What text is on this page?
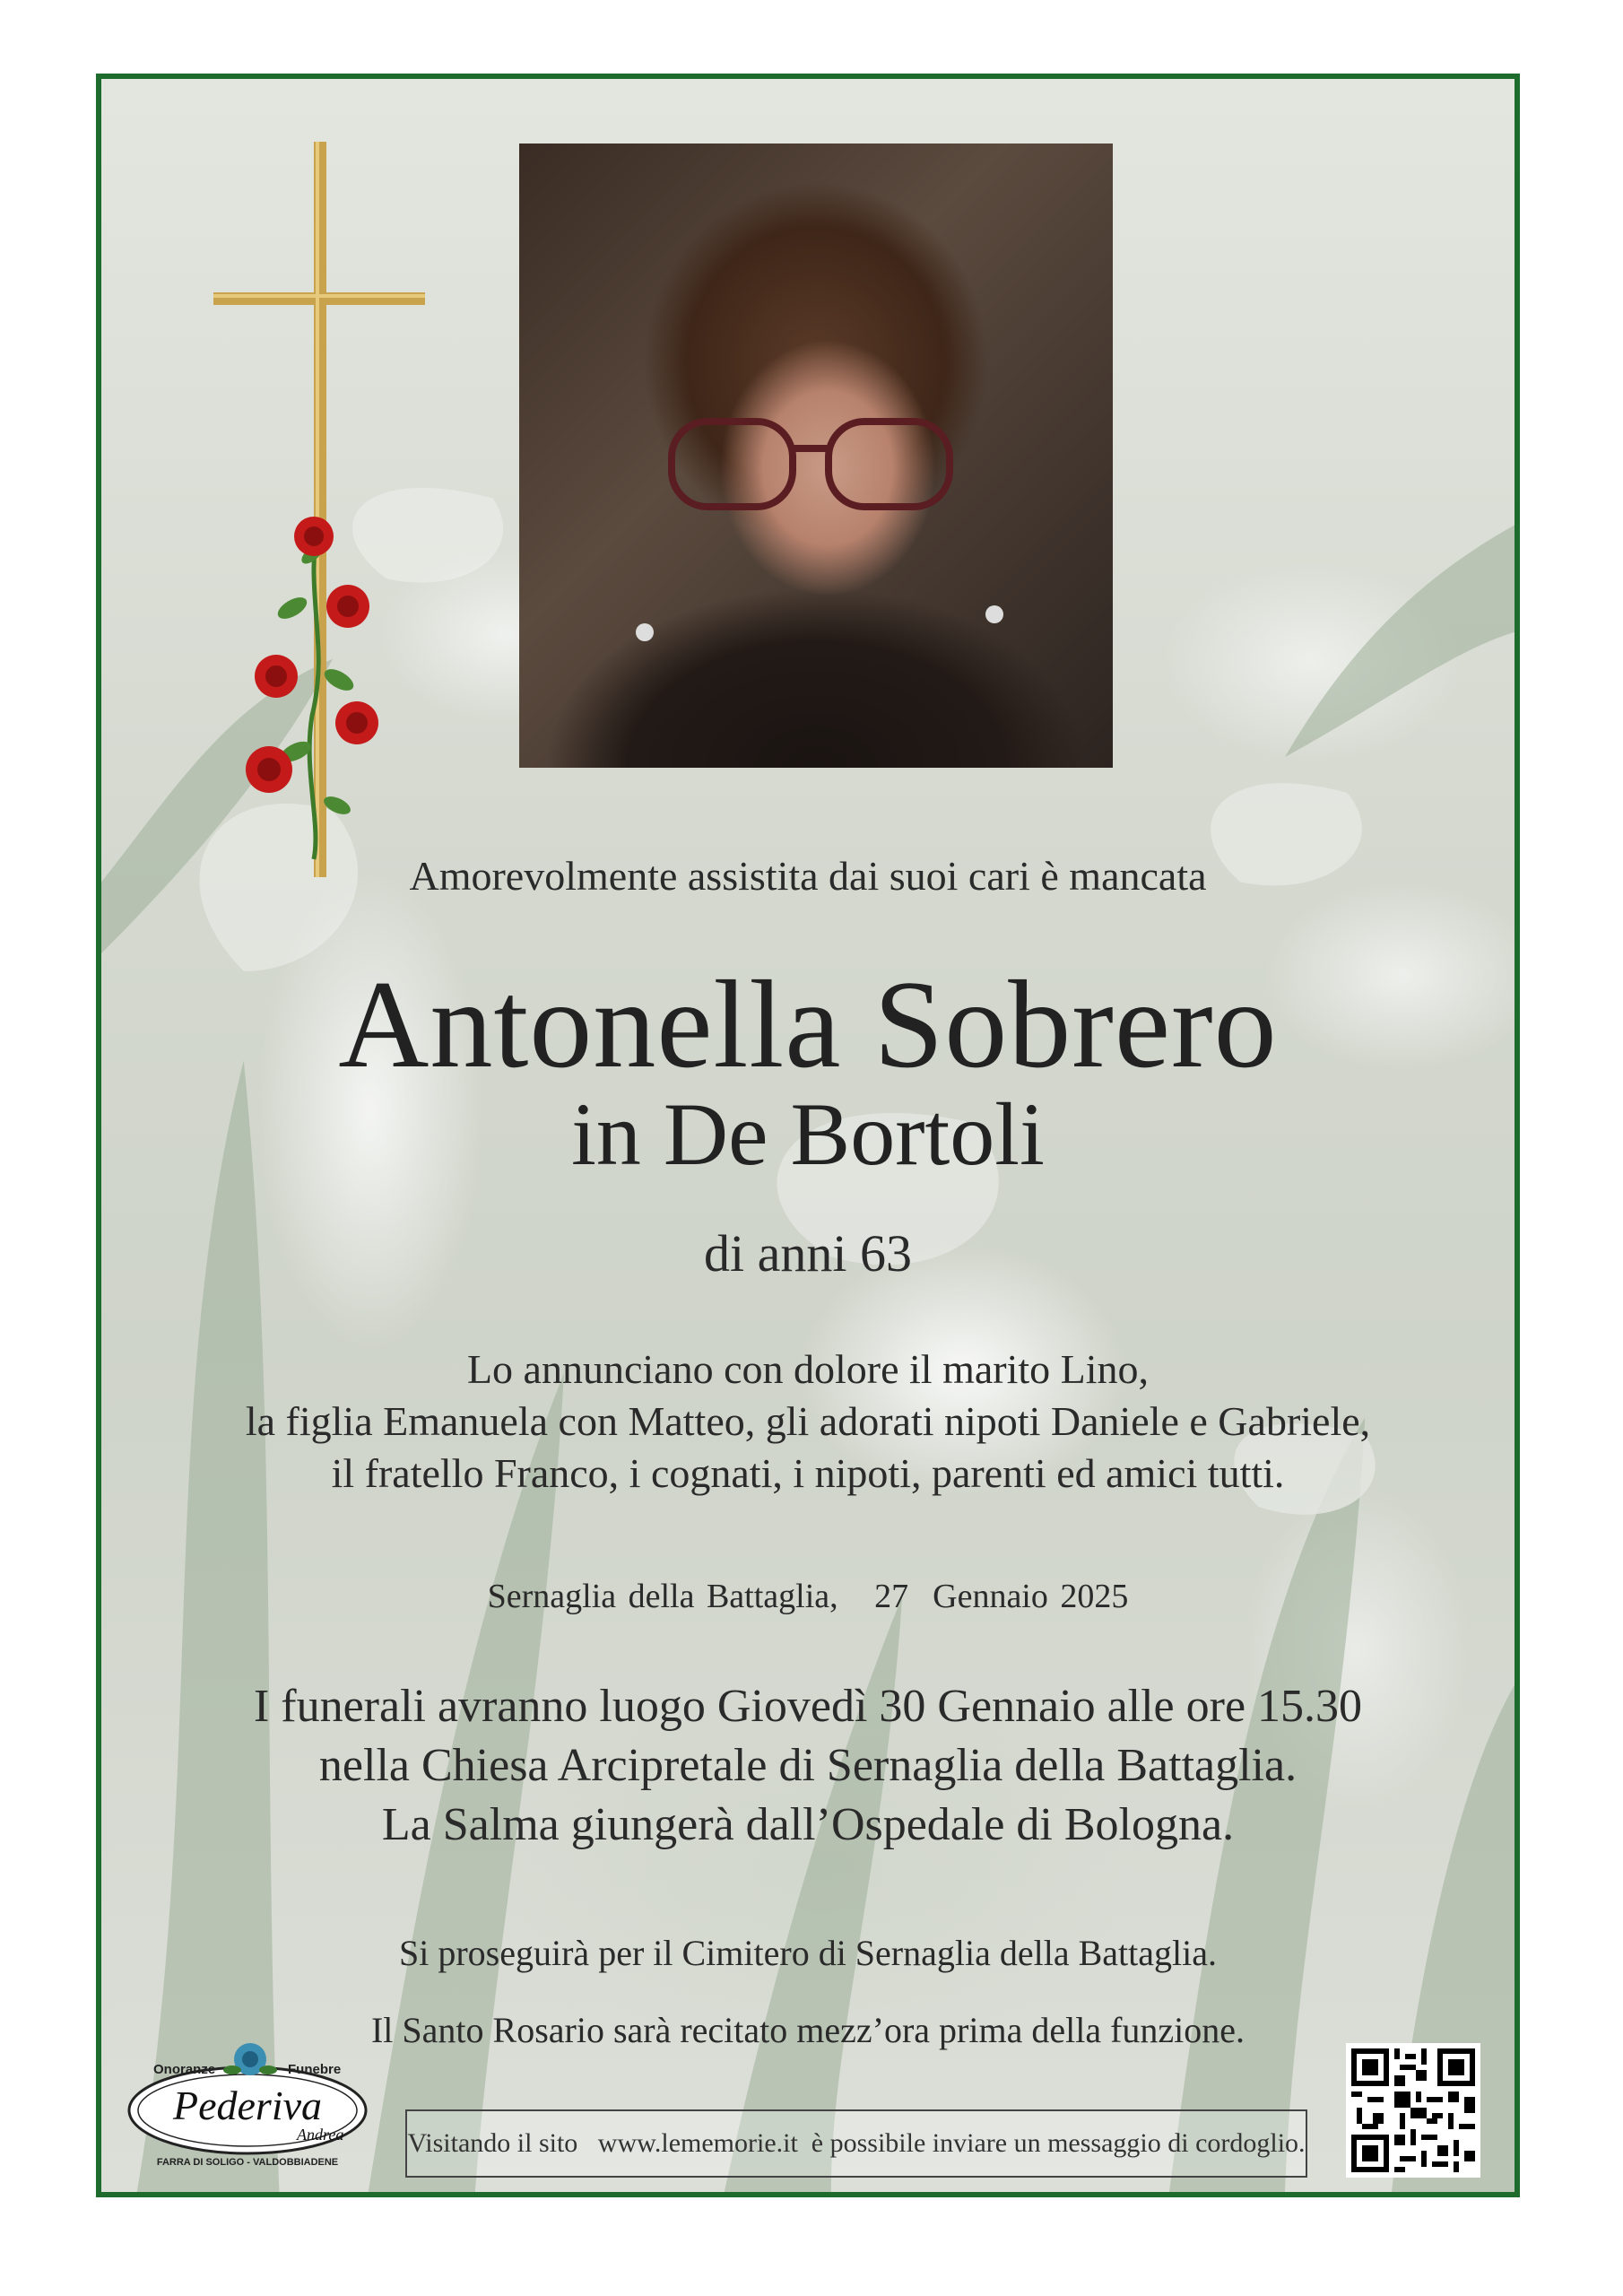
Amorevolmente assistita dai suoi cari è mancata
Antonella Sobrero
in De Bortoli
di anni 63
Lo annunciano con dolore il marito Lino,
la figlia Emanuela con Matteo, gli adorati nipoti Daniele e Gabriele,
il fratello Franco, i cognati, i nipoti, parenti ed amici tutti.
Sernaglia della Battaglia,   27  Gennaio 2025
I funerali avranno luogo Giovedì 30 Gennaio alle ore 15.30
nella Chiesa Arcipretale di Sernaglia della Battaglia.
La Salma giungerà dall’Ospedale di Bologna.
Si proseguirà per il Cimitero di Sernaglia della Battaglia.
Il Santo Rosario sarà recitato mezz’ora prima della funzione.
Onoranze	Funebre
Pederiva
Andrea
FARRA DI SOLIGO - VALDOBBIADENE
Visitando il sito   www.lememorie.it  è possibile inviare un messaggio di cordoglio.
